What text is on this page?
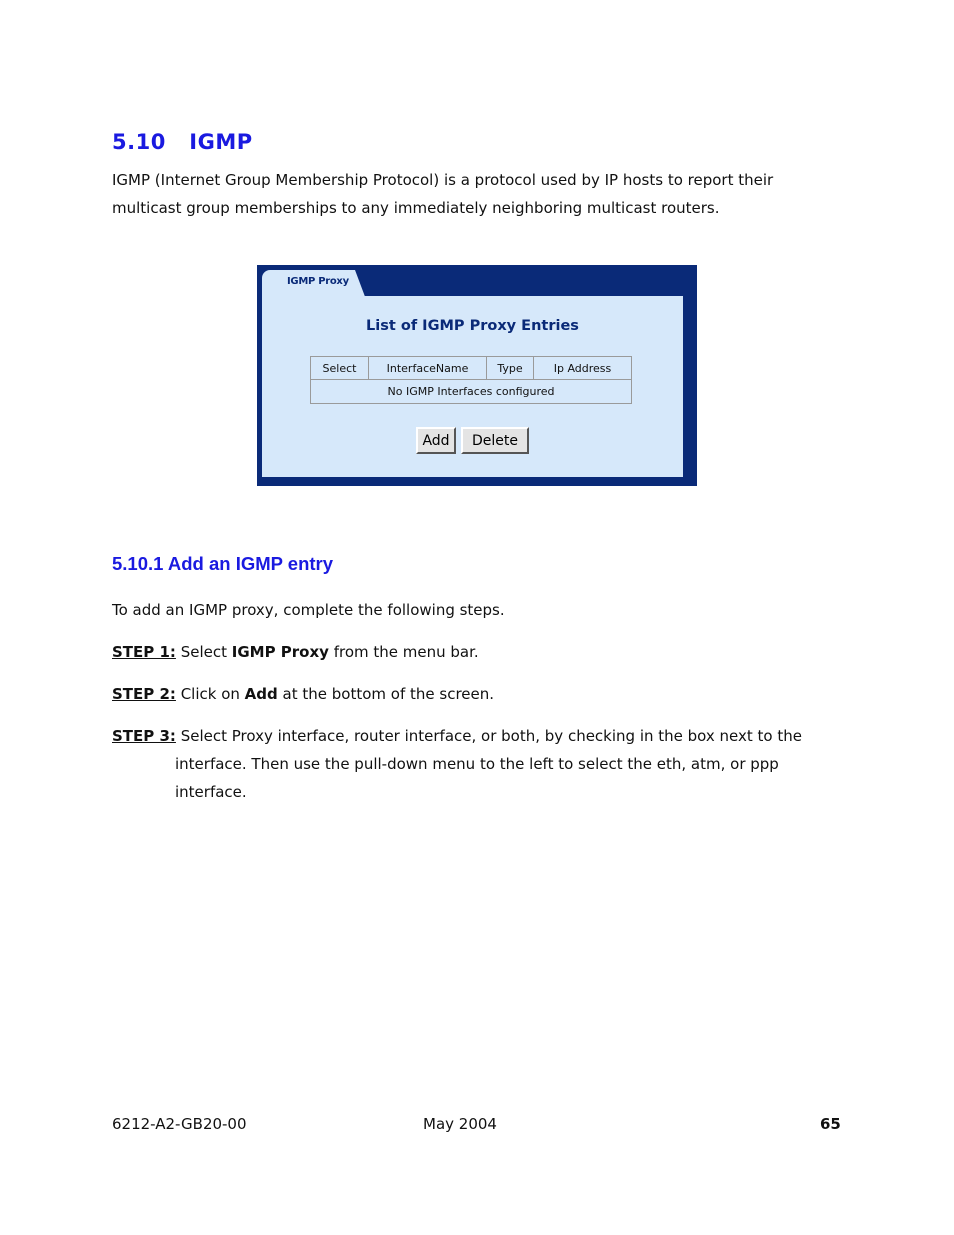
5.10 IGMP
IGMP (Internet Group Membership Protocol) is a protocol used by IP hosts to report their multicast group memberships to any immediately neighboring multicast routers.
IGMP Proxy
List of IGMP Proxy Entries
Select	InterfaceName	Type	Ip Address
No IGMP Interfaces configured
Add	Delete
5.10.1 Add an IGMP entry
To add an IGMP proxy, complete the following steps.
STEP 1: Select IGMP Proxy from the menu bar.
STEP 2: Click on Add at the bottom of the screen.
STEP 3: Select Proxy interface, router interface, or both, by checking in the box next to the
interface. Then use the pull-down menu to the left to select the eth, atm, or ppp
interface.
6212-A2-GB20-00	May 2004	65
